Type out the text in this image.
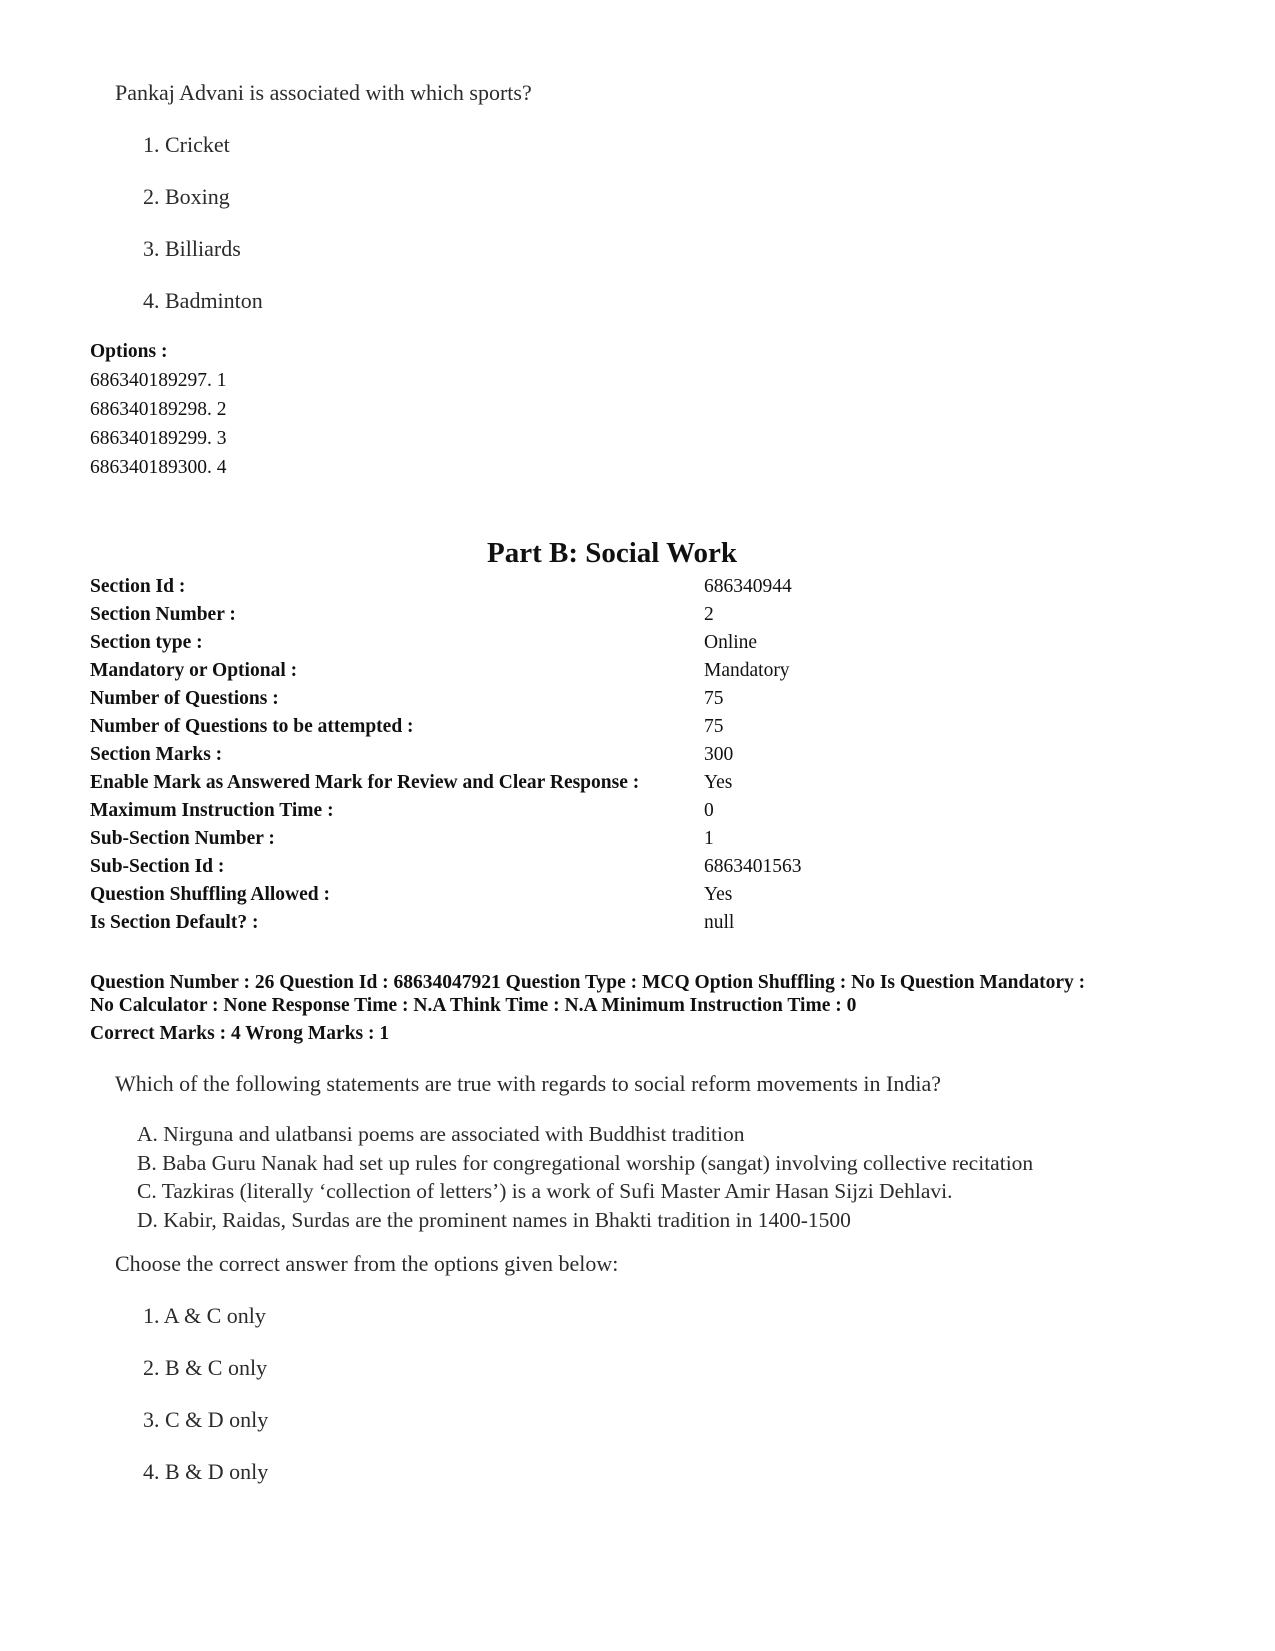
Pankaj Advani is associated with which sports?
1. Cricket
2. Boxing
3. Billiards
4. Badminton
Options :
686340189297. 1
686340189298. 2
686340189299. 3
686340189300. 4
Part B: Social Work
Section Id :	686340944
Section Number :	2
Section type :	Online
Mandatory or Optional :	Mandatory
Number of Questions :	75
Number of Questions to be attempted :	75
Section Marks :	300
Enable Mark as Answered Mark for Review and Clear Response :	Yes
Maximum Instruction Time :	0
Sub-Section Number :	1
Sub-Section Id :	6863401563
Question Shuffling Allowed :	Yes
Is Section Default? :	null
Question Number : 26 Question Id : 68634047921 Question Type : MCQ Option Shuffling : No Is Question Mandatory :
No Calculator : None Response Time : N.A Think Time : N.A Minimum Instruction Time : 0
Correct Marks : 4 Wrong Marks : 1
Which of the following statements are true with regards to social reform movements in India?
A. Nirguna and ulatbansi poems are associated with Buddhist tradition
B. Baba Guru Nanak had set up rules for congregational worship (sangat) involving collective recitation
C. Tazkiras (literally ‘collection of letters’) is a work of Sufi Master Amir Hasan Sijzi Dehlavi.
D. Kabir, Raidas, Surdas are the prominent names in Bhakti tradition in 1400-1500
Choose the correct answer from the options given below:
1. A & C only
2. B & C only
3. C & D only
4. B & D only
